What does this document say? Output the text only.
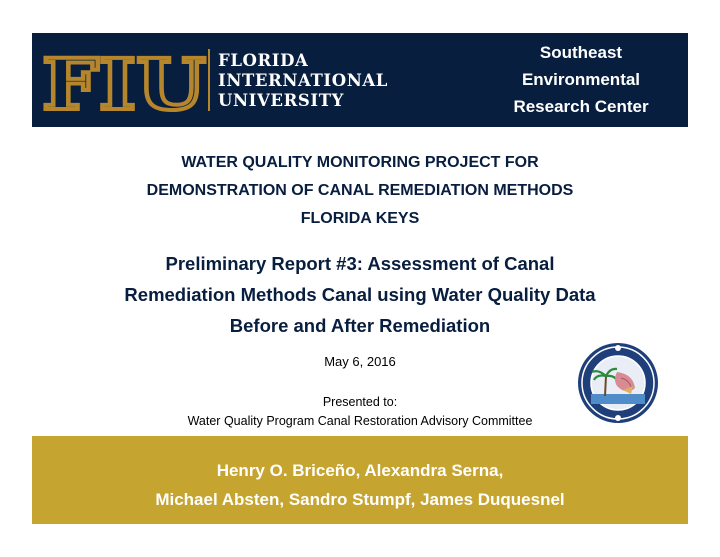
FIU FLORIDA
INTERNATIONAL
UNIVERSITY
Southeast
Environmental
Research Center
WATER QUALITY MONITORING PROJECT FOR
DEMONSTRATION OF CANAL REMEDIATION METHODS
FLORIDA KEYS
Preliminary Report #3: Assessment of Canal
Remediation Methods Canal using Water Quality Data
Before and After Remediation
May 6, 2016
Presented to:
Water Quality Program Canal Restoration Advisory Committee
Henry O. Briceño, Alexandra Serna,
Michael Absten, Sandro Stumpf, James Duquesnel
